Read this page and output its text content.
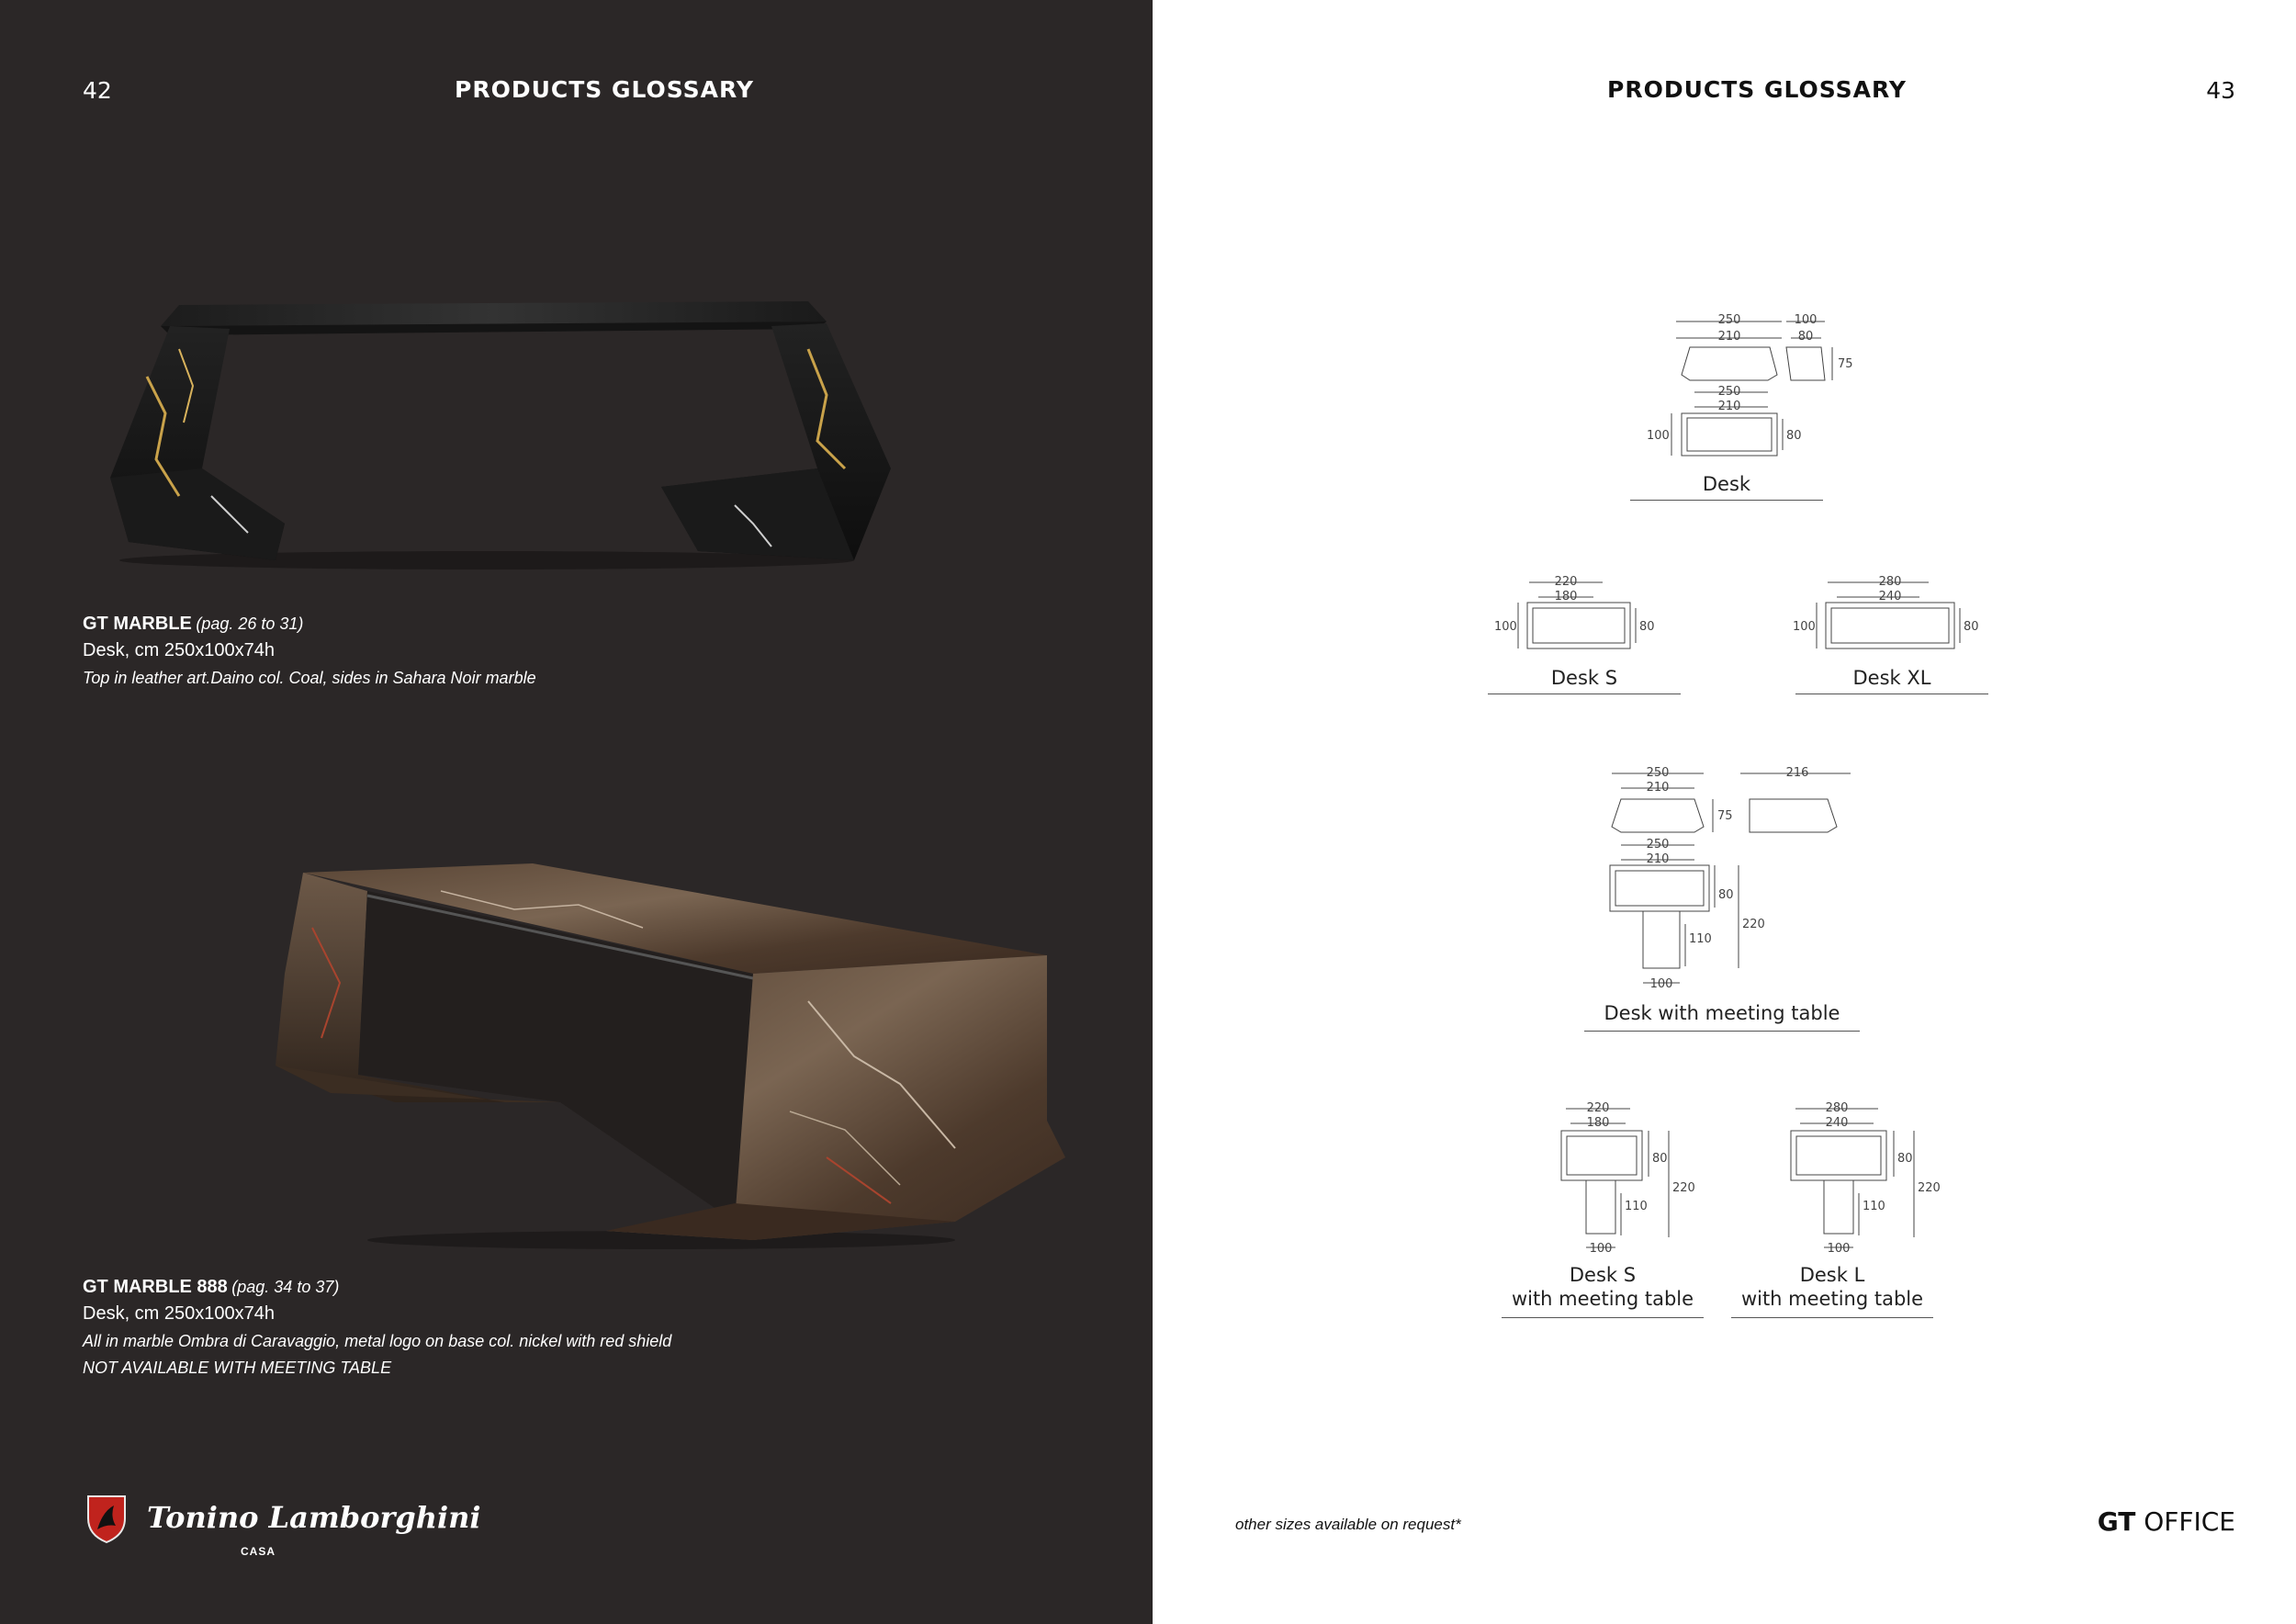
42	PRODUCTS GLOSSARY
GT MARBLE (pag. 26 to 31)
Desk, cm 250x100x74h
Top in leather art.Daino col. Coal, sides in Sahara Noir marble
GT MARBLE 888 (pag. 34 to 37)
Desk, cm 250x100x74h
All in marble Ombra di Caravaggio, metal logo on base col. nickel with red shield
NOT AVAILABLE WITH MEETING TABLE
Tonino Lamborghini
CASA
PRODUCTS GLOSSARY	43
250
210
100
80
75
250
210
100	80
Desk
220
180
100	80
Desk S
280
240
100	80
Desk XL
250
210
216
75
250
210
80
220
110
100
Desk with meeting table
220
180
80
220
110
100
Desk S
with meeting table
280
240
80
220
110
100
Desk L
with meeting table
other sizes available on request*	GT OFFICE
